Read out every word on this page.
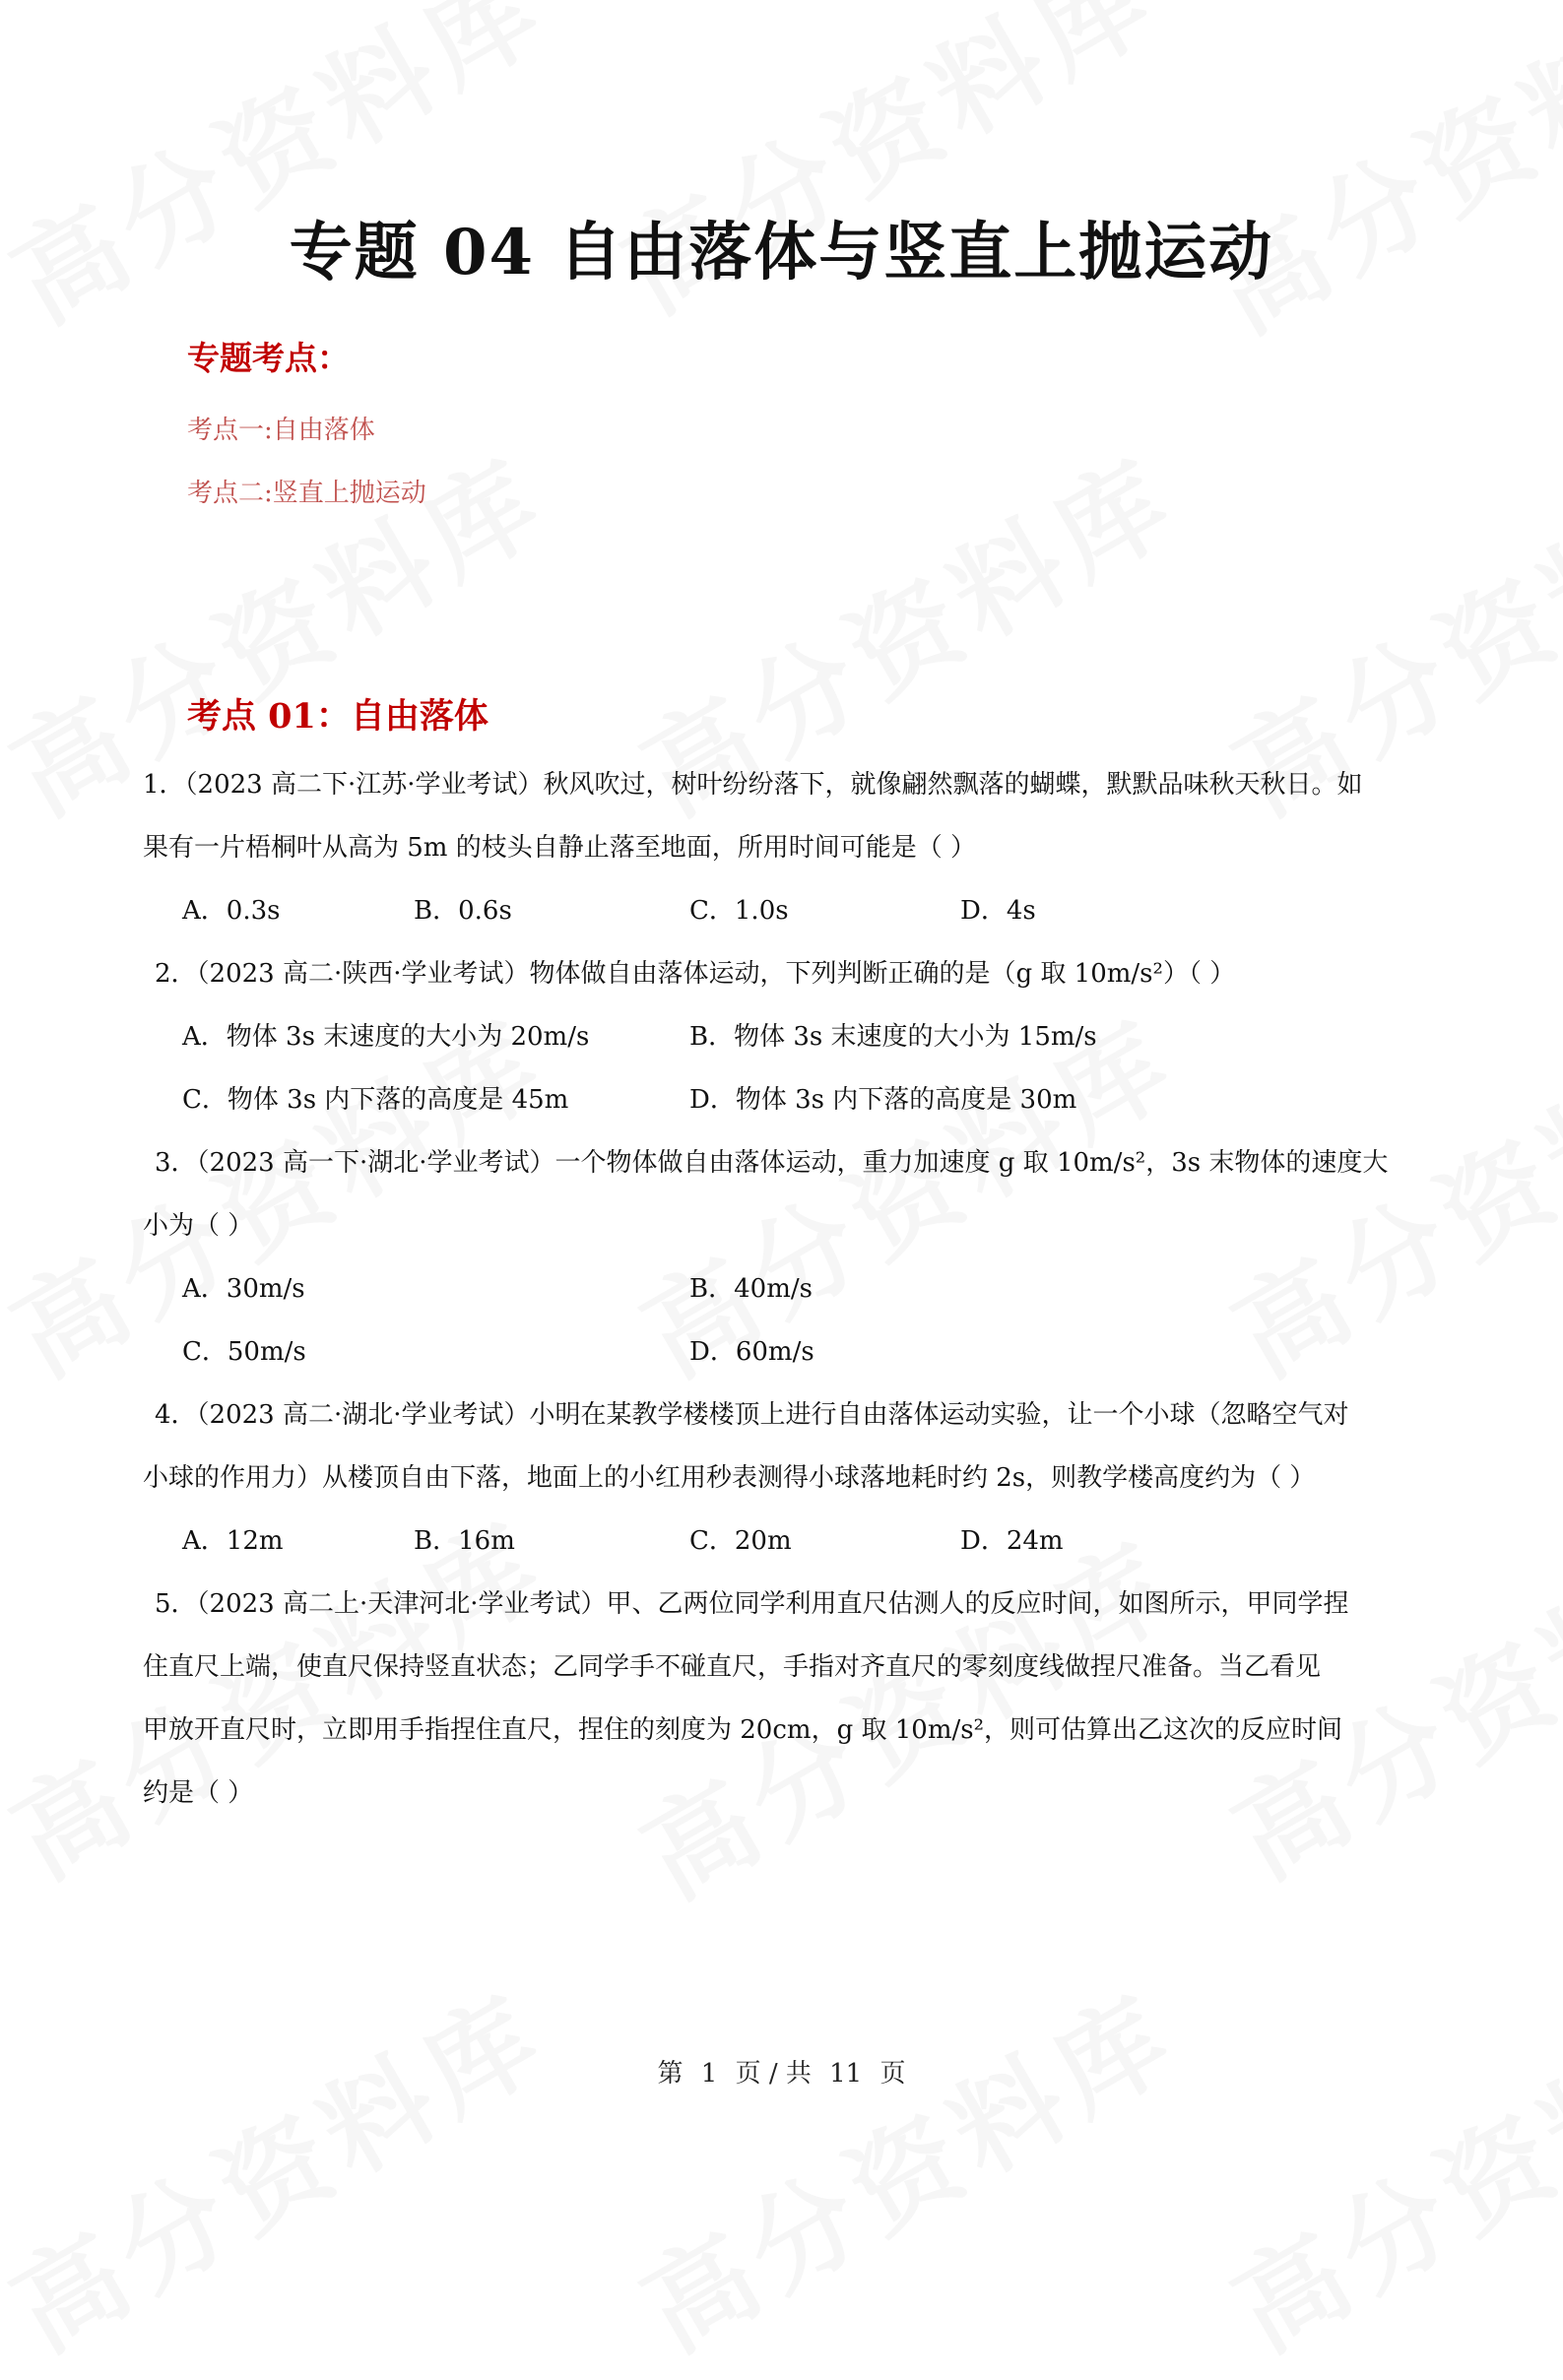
专题 04 自由落体与竖直上抛运动
专题考点：
考点一:自由落体
考点二:竖直上抛运动
考点 01：自由落体
1．（2023 高二下·江苏·学业考试）秋风吹过，树叶纷纷落下，就像翩然飘落的蝴蝶，默默品味秋天秋日。如
果有一片梧桐叶从高为 5m 的枝头自静止落至地面，所用时间可能是（ ）
A．0.3s	B．0.6s	C．1.0s	D．4s
2．（2023 高二·陕西·学业考试）物体做自由落体运动，下列判断正确的是（g 取 10m/s²）（ ）
A．物体 3s 末速度的大小为 20m/s	B．物体 3s 末速度的大小为 15m/s
C．物体 3s 内下落的高度是 45m	D．物体 3s 内下落的高度是 30m
3．（2023 高一下·湖北·学业考试）一个物体做自由落体运动，重力加速度 g 取 10m/s²，3s 末物体的速度大
小为（ ）
A．30m/s	B．40m/s
C．50m/s	D．60m/s
4．（2023 高二·湖北·学业考试）小明在某教学楼楼顶上进行自由落体运动实验，让一个小球（忽略空气对
小球的作用力）从楼顶自由下落，地面上的小红用秒表测得小球落地耗时约 2s，则教学楼高度约为（ ）
A．12m	B．16m	C．20m	D．24m
5．（2023 高二上·天津河北·学业考试）甲、乙两位同学利用直尺估测人的反应时间，如图所示，甲同学捏
住直尺上端，使直尺保持竖直状态；乙同学手不碰直尺，手指对齐直尺的零刻度线做捏尺准备。当乙看见
甲放开直尺时，立即用手指捏住直尺，捏住的刻度为 20cm，g 取 10m/s²，则可估算出乙这次的反应时间
约是（ ）
第 1 页 / 共 11 页
